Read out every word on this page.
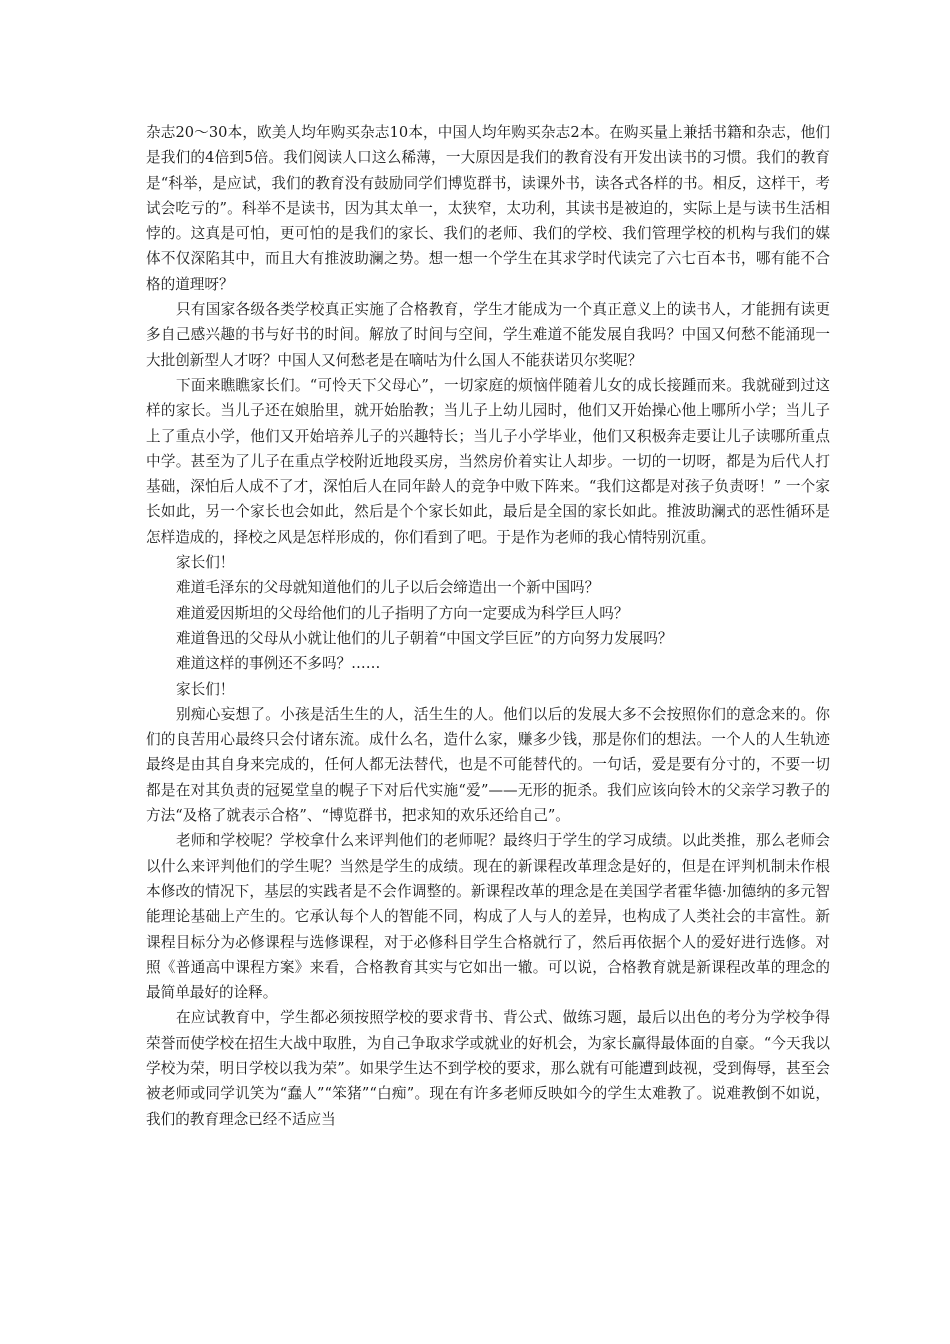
杂志20～30本，欧美人均年购买杂志10本，中国人均年购买杂志2本。在购买量上兼括书籍和杂志，他们是我们的4倍到5倍。我们阅读人口这么稀薄，一大原因是我们的教育没有开发出读书的习惯。我们的教育是“科举，是应试，我们的教育没有鼓励同学们博览群书，读课外书，读各式各样的书。相反，这样干，考试会吃亏的”。科举不是读书，因为其太单一，太狭窄，太功利，其读书是被迫的，实际上是与读书生活相悖的。这真是可怕，更可怕的是我们的家长、我们的老师、我们的学校、我们管理学校的机构与我们的媒体不仅深陷其中，而且大有推波助澜之势。想一想一个学生在其求学时代读完了六七百本书，哪有能不合格的道理呀？

只有国家各级各类学校真正实施了合格教育，学生才能成为一个真正意义上的读书人，才能拥有读更多自己感兴趣的书与好书的时间。解放了时间与空间，学生难道不能发展自我吗？中国又何愁不能涌现一大批创新型人才呀？中国人又何愁老是在嘀咕为什么国人不能获诺贝尔奖呢？

下面来瞧瞧家长们。“可怜天下父母心”，一切家庭的烦恼伴随着儿女的成长接踵而来。我就碰到过这样的家长。当儿子还在娘胎里，就开始胎教；当儿子上幼儿园时，他们又开始操心他上哪所小学；当儿子上了重点小学，他们又开始培养儿子的兴趣特长；当儿子小学毕业，他们又积极奔走要让儿子读哪所重点中学。甚至为了儿子在重点学校附近地段买房，当然房价着实让人却步。一切的一切呀，都是为后代人打基础，深怕后人成不了才，深怕后人在同年龄人的竞争中败下阵来。“我们这都是对孩子负责呀！” 一个家长如此，另一个家长也会如此，然后是个个家长如此，最后是全国的家长如此。推波助澜式的恶性循环是怎样造成的，择校之风是怎样形成的，你们看到了吧。于是作为老师的我心情特别沉重。

家长们！

难道毛泽东的父母就知道他们的儿子以后会缔造出一个新中国吗？

难道爱因斯坦的父母给他们的儿子指明了方向一定要成为科学巨人吗？

难道鲁迅的父母从小就让他们的儿子朝着“中国文学巨匠”的方向努力发展吗？

难道这样的事例还不多吗？……

家长们！

别痴心妄想了。小孩是活生生的人，活生生的人。他们以后的发展大多不会按照你们的意念来的。你们的良苦用心最终只会付诸东流。成什么名，造什么家，赚多少钱，那是你们的想法。一个人的人生轨迹最终是由其自身来完成的，任何人都无法替代，也是不可能替代的。一句话，爱是要有分寸的，不要一切都是在对其负责的冠冕堂皇的幌子下对后代实施“爱”——无形的扼杀。我们应该向铃木的父亲学习教子的方法“及格了就表示合格”、“博览群书，把求知的欢乐还给自己”。

老师和学校呢？学校拿什么来评判他们的老师呢？最终归于学生的学习成绩。以此类推，那么老师会以什么来评判他们的学生呢？当然是学生的成绩。现在的新课程改革理念是好的，但是在评判机制未作根本修改的情况下，基层的实践者是不会作调整的。新课程改革的理念是在美国学者霍华德·加德纳的多元智能理论基础上产生的。它承认每个人的智能不同，构成了人与人的差异，也构成了人类社会的丰富性。新课程目标分为必修课程与选修课程，对于必修科目学生合格就行了，然后再依据个人的爱好进行选修。对照《普通高中课程方案》来看，合格教育其实与它如出一辙。可以说，合格教育就是新课程改革的理念的最简单最好的诠释。

在应试教育中，学生都必须按照学校的要求背书、背公式、做练习题，最后以出色的考分为学校争得荣誉而使学校在招生大战中取胜，为自己争取求学或就业的好机会，为家长赢得最体面的自豪。“今天我以学校为荣，明日学校以我为荣”。如果学生达不到学校的要求，那么就有可能遭到歧视，受到侮辱，甚至会被老师或同学讥笑为“蠢人”“笨猪”“白痴”。现在有许多老师反映如今的学生太难教了。说难教倒不如说，我们的教育理念已经不适应当
